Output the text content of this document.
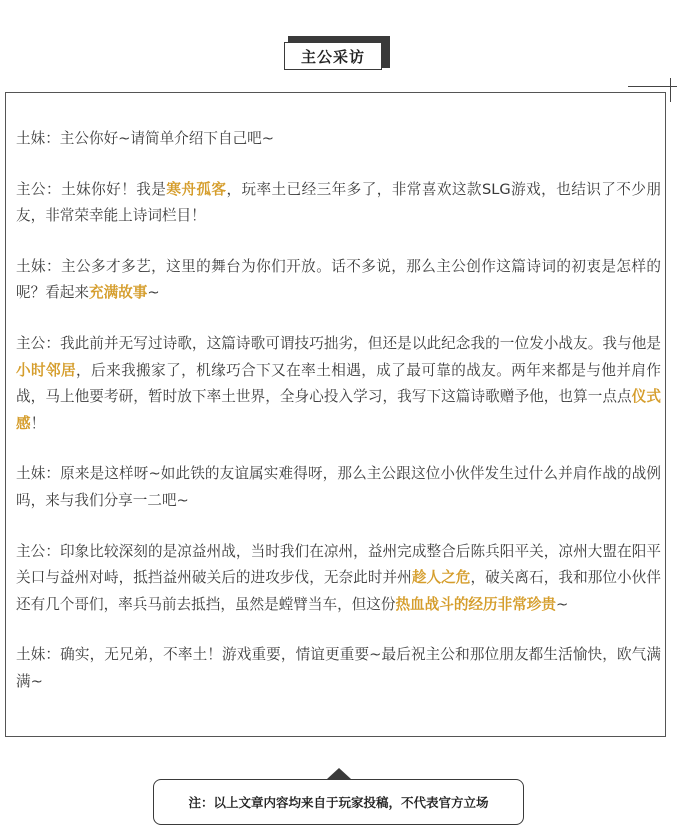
主公采访

土妹：主公你好~请简单介绍下自己吧~

主公：土妹你好！我是寒舟孤客，玩率土已经三年多了，非常喜欢这款SLG游戏，也结识了不少朋友，非常荣幸能上诗词栏目！

土妹：主公多才多艺，这里的舞台为你们开放。话不多说，那么主公创作这篇诗词的初衷是怎样的呢？看起来充满故事~

主公：我此前并无写过诗歌，这篇诗歌可谓技巧拙劣，但还是以此纪念我的一位发小战友。我与他是小时邻居，后来我搬家了，机缘巧合下又在率土相遇，成了最可靠的战友。两年来都是与他并肩作战，马上他要考研，暂时放下率土世界，全身心投入学习，我写下这篇诗歌赠予他，也算一点点仪式感！

土妹：原来是这样呀~如此铁的友谊属实难得呀，那么主公跟这位小伙伴发生过什么并肩作战的战例吗，来与我们分享一二吧~

主公：印象比较深刻的是凉益州战，当时我们在凉州，益州完成整合后陈兵阳平关，凉州大盟在阳平关口与益州对峙，抵挡益州破关后的进攻步伐，无奈此时并州趁人之危，破关离石，我和那位小伙伴还有几个哥们，率兵马前去抵挡，虽然是螳臂当车，但这份热血战斗的经历非常珍贵~

土妹：确实，无兄弟，不率土！游戏重要，情谊更重要~最后祝主公和那位朋友都生活愉快，欧气满满~

注：以上文章内容均来自于玩家投稿，不代表官方立场
